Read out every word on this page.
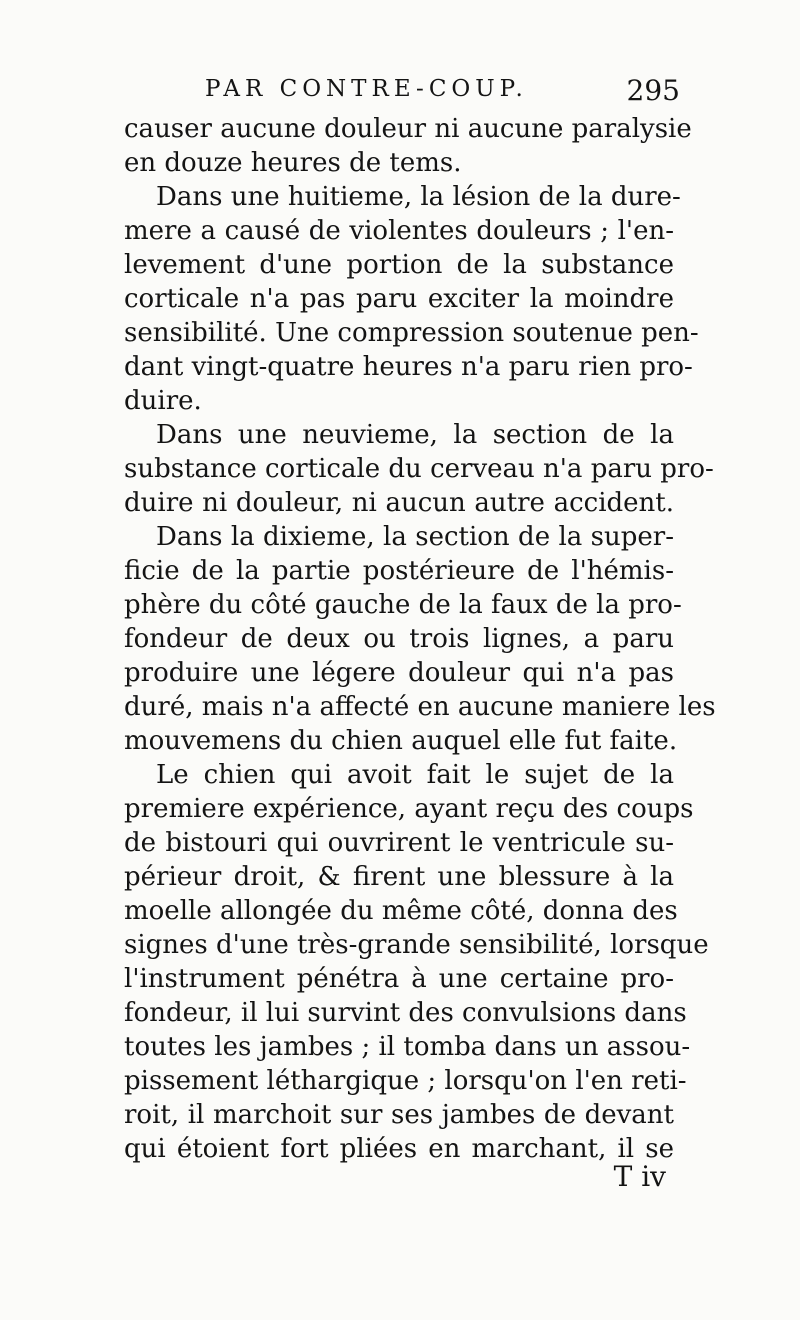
PAR CONTRE-COUP.	295
causer aucune douleur ni aucune paralysie
en douze heures de tems.
Dans une huitieme, la lésion de la dure-
mere a causé de violentes douleurs ; l'en-
levement d'une portion de la substance
corticale n'a pas paru exciter la moindre
sensibilité. Une compression soutenue pen-
dant vingt-quatre heures n'a paru rien pro-
duire.
Dans une neuvieme, la section de la
substance corticale du cerveau n'a paru pro-
duire ni douleur, ni aucun autre accident.
Dans la dixieme, la section de la super-
ficie de la partie postérieure de l'hémis-
phère du côté gauche de la faux de la pro-
fondeur de deux ou trois lignes, a paru
produire une légere douleur qui n'a pas
duré, mais n'a affecté en aucune maniere les
mouvemens du chien auquel elle fut faite.
Le chien qui avoit fait le sujet de la
premiere expérience, ayant reçu des coups
de bistouri qui ouvrirent le ventricule su-
périeur droit, & firent une blessure à la
moelle allongée du même côté, donna des
signes d'une très-grande sensibilité, lorsque
l'instrument pénétra à une certaine pro-
fondeur, il lui survint des convulsions dans
toutes les jambes ; il tomba dans un assou-
pissement léthargique ; lorsqu'on l'en reti-
roit, il marchoit sur ses jambes de devant
qui étoient fort pliées en marchant, il se
T iv
